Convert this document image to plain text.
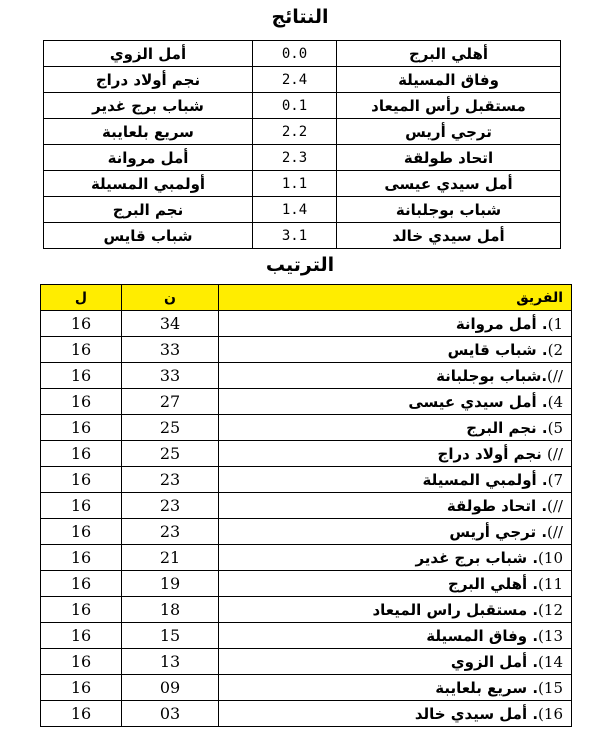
النتائج
أمل الزوي	0.0	أهلي البرج
نجم أولاد دراج	2.4	وفاق المسيلة
شباب برج غدير	0.1	مستقبل رأس الميعاد
سريع بلعايبة	2.2	ترجي أريس
أمل مروانة	2.3	اتحاد طولقة
أولمبي المسيلة	1.1	أمل سيدي عيسى
نجم البرج	1.4	شباب بوجلبانة
شباب قايس	3.1	أمل سيدي خالد
الترتيب
ل	ن	الفريق
16	34	1). أمل مروانة
16	33	2). شباب قايس
16	33	//).شباب بوجلبانة
16	27	4). أمل سيدي عيسى
16	25	5). نجم البرج
16	25	//) نجم أولاد دراج
16	23	7). أولمبي المسيلة
16	23	//). اتحاد طولقة
16	23	//). ترجي أريس
16	21	10). شباب برج غدير
16	19	11). أهلي البرج
16	18	12). مستقبل راس الميعاد
16	15	13). وفاق المسيلة
16	13	14). أمل الزوي
16	09	15). سريع بلعايبة
16	03	16). أمل سيدي خالد
